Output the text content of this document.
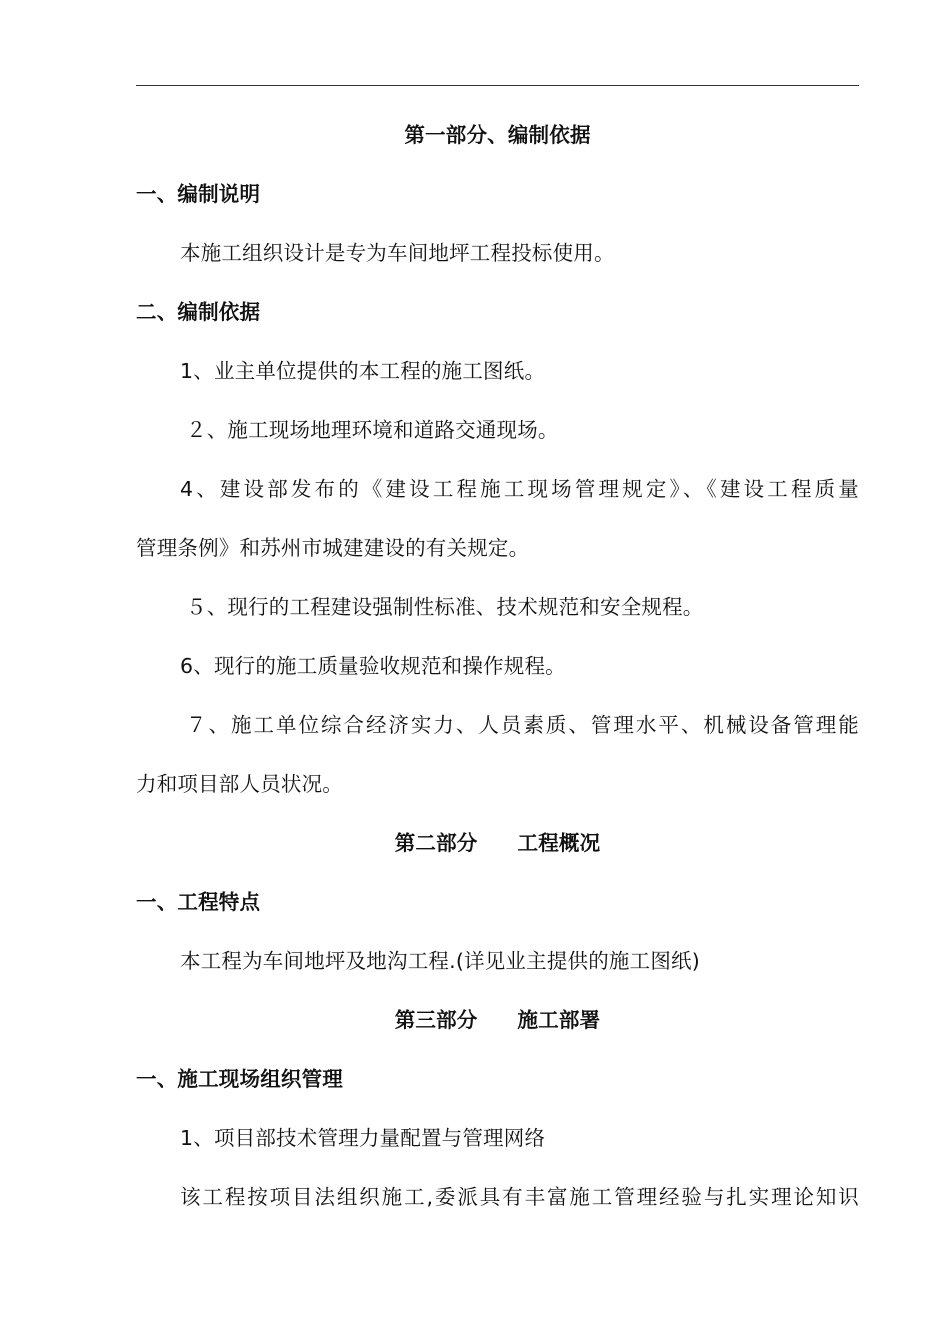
第一部分、编制依据
一、编制说明
本施工组织设计是专为车间地坪工程投标使用。
二、编制依据
1、业主单位提供的本工程的施工图纸。
２、施工现场地理环境和道路交通现场。
4、建设部发布的《建设工程施工现场管理规定》、《建设工程质量
管理条例》和苏州市城建建设的有关规定。
５、现行的工程建设强制性标准、技术规范和安全规程。
6、现行的施工质量验收规范和操作规程。
７、施工单位综合经济实力、人员素质、管理水平、机械设备管理能
力和项目部人员状况。
第二部分 工程概况
一、工程特点
本工程为车间地坪及地沟工程.(详见业主提供的施工图纸)
第三部分 施工部署
一、施工现场组织管理
1、项目部技术管理力量配置与管理网络
该工程按项目法组织施工,委派具有丰富施工管理经验与扎实理论知识
